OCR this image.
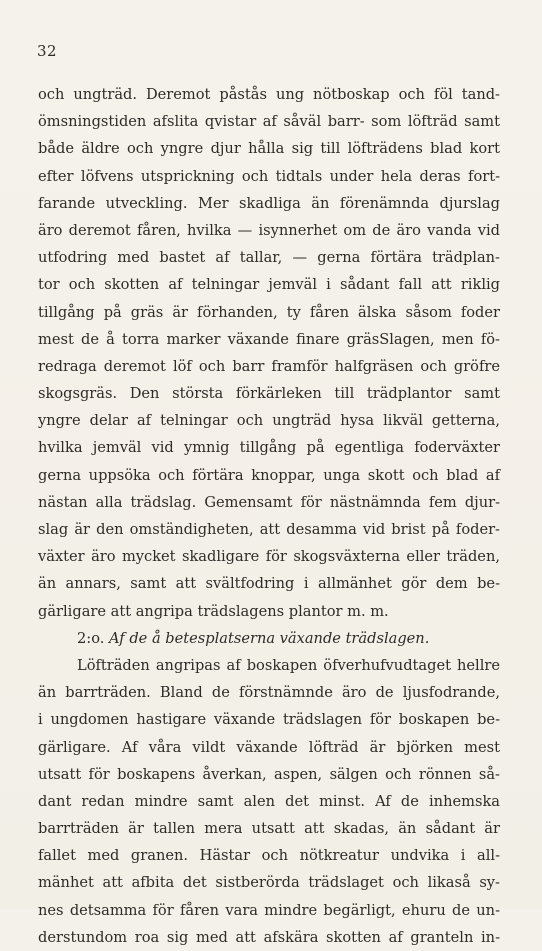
32
och ungträd. Deremot påstås ung nötboskap och föl tand-
ömsningstiden afslita qvistar af såväl barr- som löfträd samt
både äldre och yngre djur hålla sig till löfträdens blad kort
efter löfvens utsprickning och tidtals under hela deras fort-
farande utveckling. Mer skadliga än förenämnda djurslag
äro deremot fåren, hvilka — isynnerhet om de äro vanda vid
utfodring med bastet af tallar, — gerna förtära trädplan-
tor och skotten af telningar jemväl i sådant fall att riklig
tillgång på gräs är förhanden, ty fåren älska såsom foder
mest de å torra marker växande finare gräsSlagen, men fö-
redraga deremot löf och barr framför halfgräsen och gröfre
skogsgräs. Den största förkärleken till trädplantor samt
yngre delar af telningar och ungträd hysa likväl getterna,
hvilka jemväl vid ymnig tillgång på egentliga foderväxter
gerna uppsöka och förtära knoppar, unga skott och blad af
nästan alla trädslag. Gemensamt för nästnämnda fem djur-
slag är den omständigheten, att desamma vid brist på foder-
växter äro mycket skadligare för skogsväxterna eller träden,
än annars, samt att svältfodring i allmänhet gör dem be-
gärligare att angripa trädslagens plantor m. m.
2:o. Af de å betesplatserna växande trädslagen.
Löfträden angripas af boskapen öfverhufvudtaget hellre
än barrträden. Bland de förstnämnde äro de ljusfodrande,
i ungdomen hastigare växande trädslagen för boskapen be-
gärligare. Af våra vildt växande löfträd är björken mest
utsatt för boskapens åverkan, aspen, sälgen och rönnen så-
dant redan mindre samt alen det minst. Af de inhemska
barrträden är tallen mera utsatt att skadas, än sådant är
fallet med granen. Hästar och nötkreatur undvika i all-
mänhet att afbita det sistberörda trädslaget och likaså sy-
nes detsamma för fåren vara mindre begärligt, ehuru de un-
derstundom roa sig med att afskära skotten af granteln in-
